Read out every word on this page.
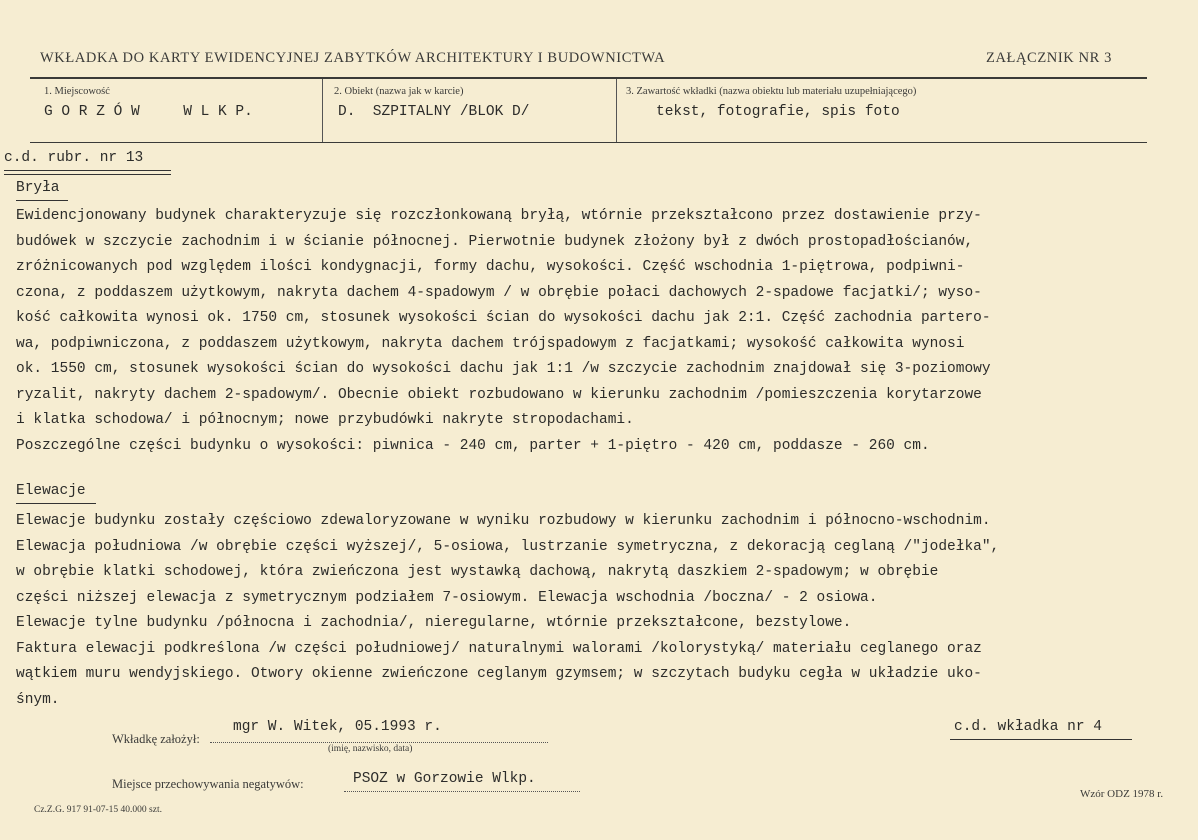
WKŁADKA DO KARTY EWIDENCYJNEJ ZABYTKÓW ARCHITEKTURY I BUDOWNICTWA	ZAŁĄCZNIK NR 3
1. Miejscowość
G O R Z Ó W     W L K P.
2. Obiekt (nazwa jak w karcie)
D.  SZPITALNY /BLOK D/
3. Zawartość wkładki (nazwa obiektu lub materiału uzupełniającego)
tekst, fotografie, spis foto
c.d. rubr. nr 13
Bryła
Ewidencjonowany budynek charakteryzuje się rozczłonkowaną bryłą, wtórnie przekształcono przez dostawienie przy-
budówek w szczycie zachodnim i w ścianie północnej. Pierwotnie budynek złożony był z dwóch prostopadłościanów,
zróżnicowanych pod względem ilości kondygnacji, formy dachu, wysokości. Część wschodnia 1-piętrowa, podpiwni-
czona, z poddaszem użytkowym, nakryta dachem 4-spadowym / w obrębie połaci dachowych 2-spadowe facjatki/; wyso-
kość całkowita wynosi ok. 1750 cm, stosunek wysokości ścian do wysokości dachu jak 2:1. Część zachodnia partero-
wa, podpiwniczona, z poddaszem użytkowym, nakryta dachem trójspadowym z facjatkami; wysokość całkowita wynosi
ok. 1550 cm, stosunek wysokości ścian do wysokości dachu jak 1:1 /w szczycie zachodnim znajdował się 3-poziomowy
ryzalit, nakryty dachem 2-spadowym/. Obecnie obiekt rozbudowano w kierunku zachodnim /pomieszczenia korytarzowe
i klatka schodowa/ i północnym; nowe przybudówki nakryte stropodachami.
Poszczególne części budynku o wysokości: piwnica - 240 cm, parter + 1-piętro - 420 cm, poddasze - 260 cm.
Elewacje
Elewacje budynku zostały częściowo zdewaloryzowane w wyniku rozbudowy w kierunku zachodnim i północno-wschodnim.
Elewacja południowa /w obrębie części wyższej/, 5-osiowa, lustrzanie symetryczna, z dekoracją ceglaną /"jodełka",
w obrębie klatki schodowej, która zwieńczona jest wystawką dachową, nakrytą daszkiem 2-spadowym; w obrębie
części niższej elewacja z symetrycznym podziałem 7-osiowym. Elewacja wschodnia /boczna/ - 2 osiowa.
Elewacje tylne budynku /północna i zachodnia/, nieregularne, wtórnie przekształcone, bezstylowe.
Faktura elewacji podkreślona /w części południowej/ naturalnymi walorami /kolorystyką/ materiału ceglanego oraz
wątkiem muru wendyjskiego. Otwory okienne zwieńczone ceglanym gzymsem; w szczytach budyku cegła w układzie uko-
śnym.
mgr W. Witek, 05.1993 r.
Wkładkę założył:
(imię, nazwisko, data)
c.d. wkładka nr 4
Miejsce przechowywania negatywów:	PSOZ w Gorzowie Wlkp.
Cz.Z.G. 917 91-07-15 40.000 szt.
Wzór ODZ 1978 r.
